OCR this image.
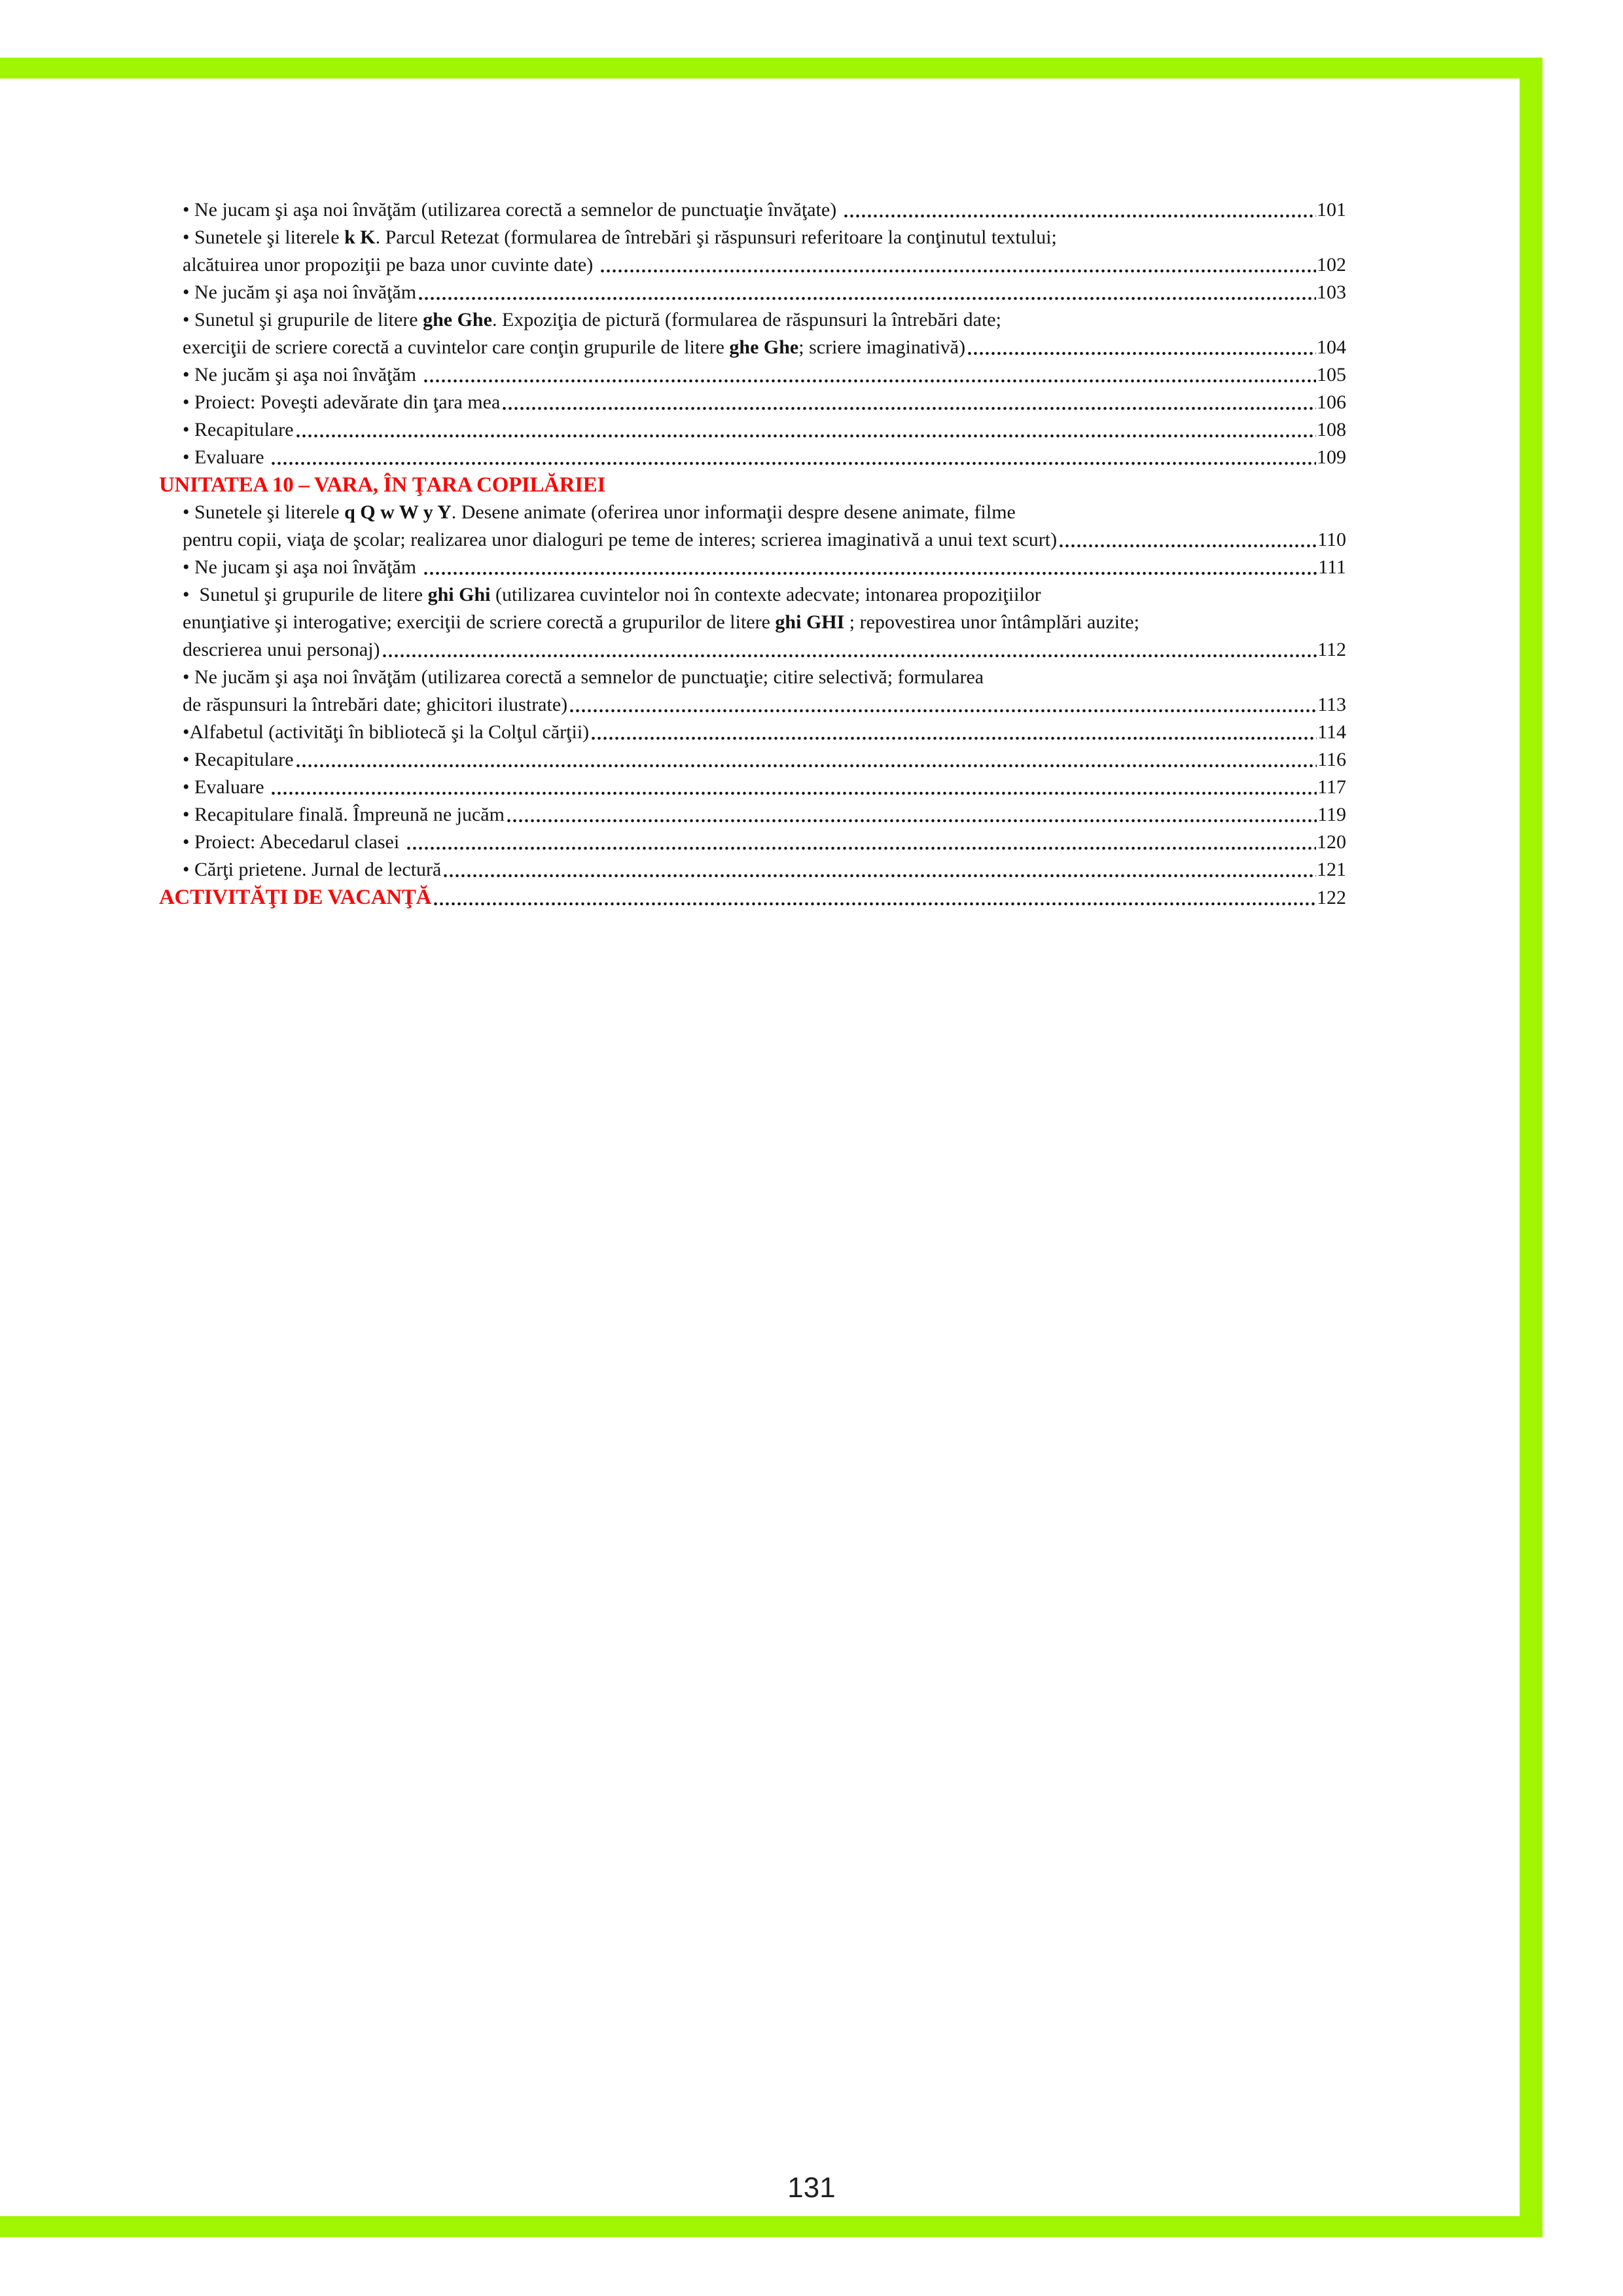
• Ne jucam şi aşa noi învăţăm (utilizarea corectă a semnelor de punctuaţie învăţate)	101
• Sunetele şi literele k K. Parcul Retezat (formularea de întrebări şi răspunsuri referitoare la conţinutul textului;
alcătuirea unor propoziţii pe baza unor cuvinte date)	102
• Ne jucăm şi aşa noi învăţăm	103
• Sunetul şi grupurile de litere ghe Ghe. Expoziţia de pictură (formularea de răspunsuri la întrebări date;
exerciţii de scriere corectă a cuvintelor care conţin grupurile de litere ghe Ghe; scriere imaginativă)	104
• Ne jucăm şi aşa noi învăţăm	105
• Proiect: Poveşti adevărate din ţara mea	106
• Recapitulare	108
• Evaluare	109
UNITATEA 10 – VARA, ÎN ŢARA COPILĂRIEI
• Sunetele şi literele q Q w W y Y. Desene animate (oferirea unor informaţii despre desene animate, filme
pentru copii, viaţa de şcolar; realizarea unor dialoguri pe teme de interes; scrierea imaginativă a unui text scurt)	110
• Ne jucam şi aşa noi învăţăm	111
•  Sunetul şi grupurile de litere ghi Ghi (utilizarea cuvintelor noi în contexte adecvate; intonarea propoziţiilor
enunţiative şi interogative; exerciţii de scriere corectă a grupurilor de litere ghi GHI ; repovestirea unor întâmplări auzite;
descrierea unui personaj)	112
• Ne jucăm şi aşa noi învăţăm (utilizarea corectă a semnelor de punctuaţie; citire selectivă; formularea
de răspunsuri la întrebări date; ghicitori ilustrate)	113
•Alfabetul (activităţi în bibliotecă şi la Colţul cărţii)	114
• Recapitulare	116
• Evaluare	117
• Recapitulare finală. Împreună ne jucăm	119
• Proiect: Abecedarul clasei	120
• Cărţi prietene. Jurnal de lectură	121
ACTIVITĂŢI DE VACANŢĂ	122
131
